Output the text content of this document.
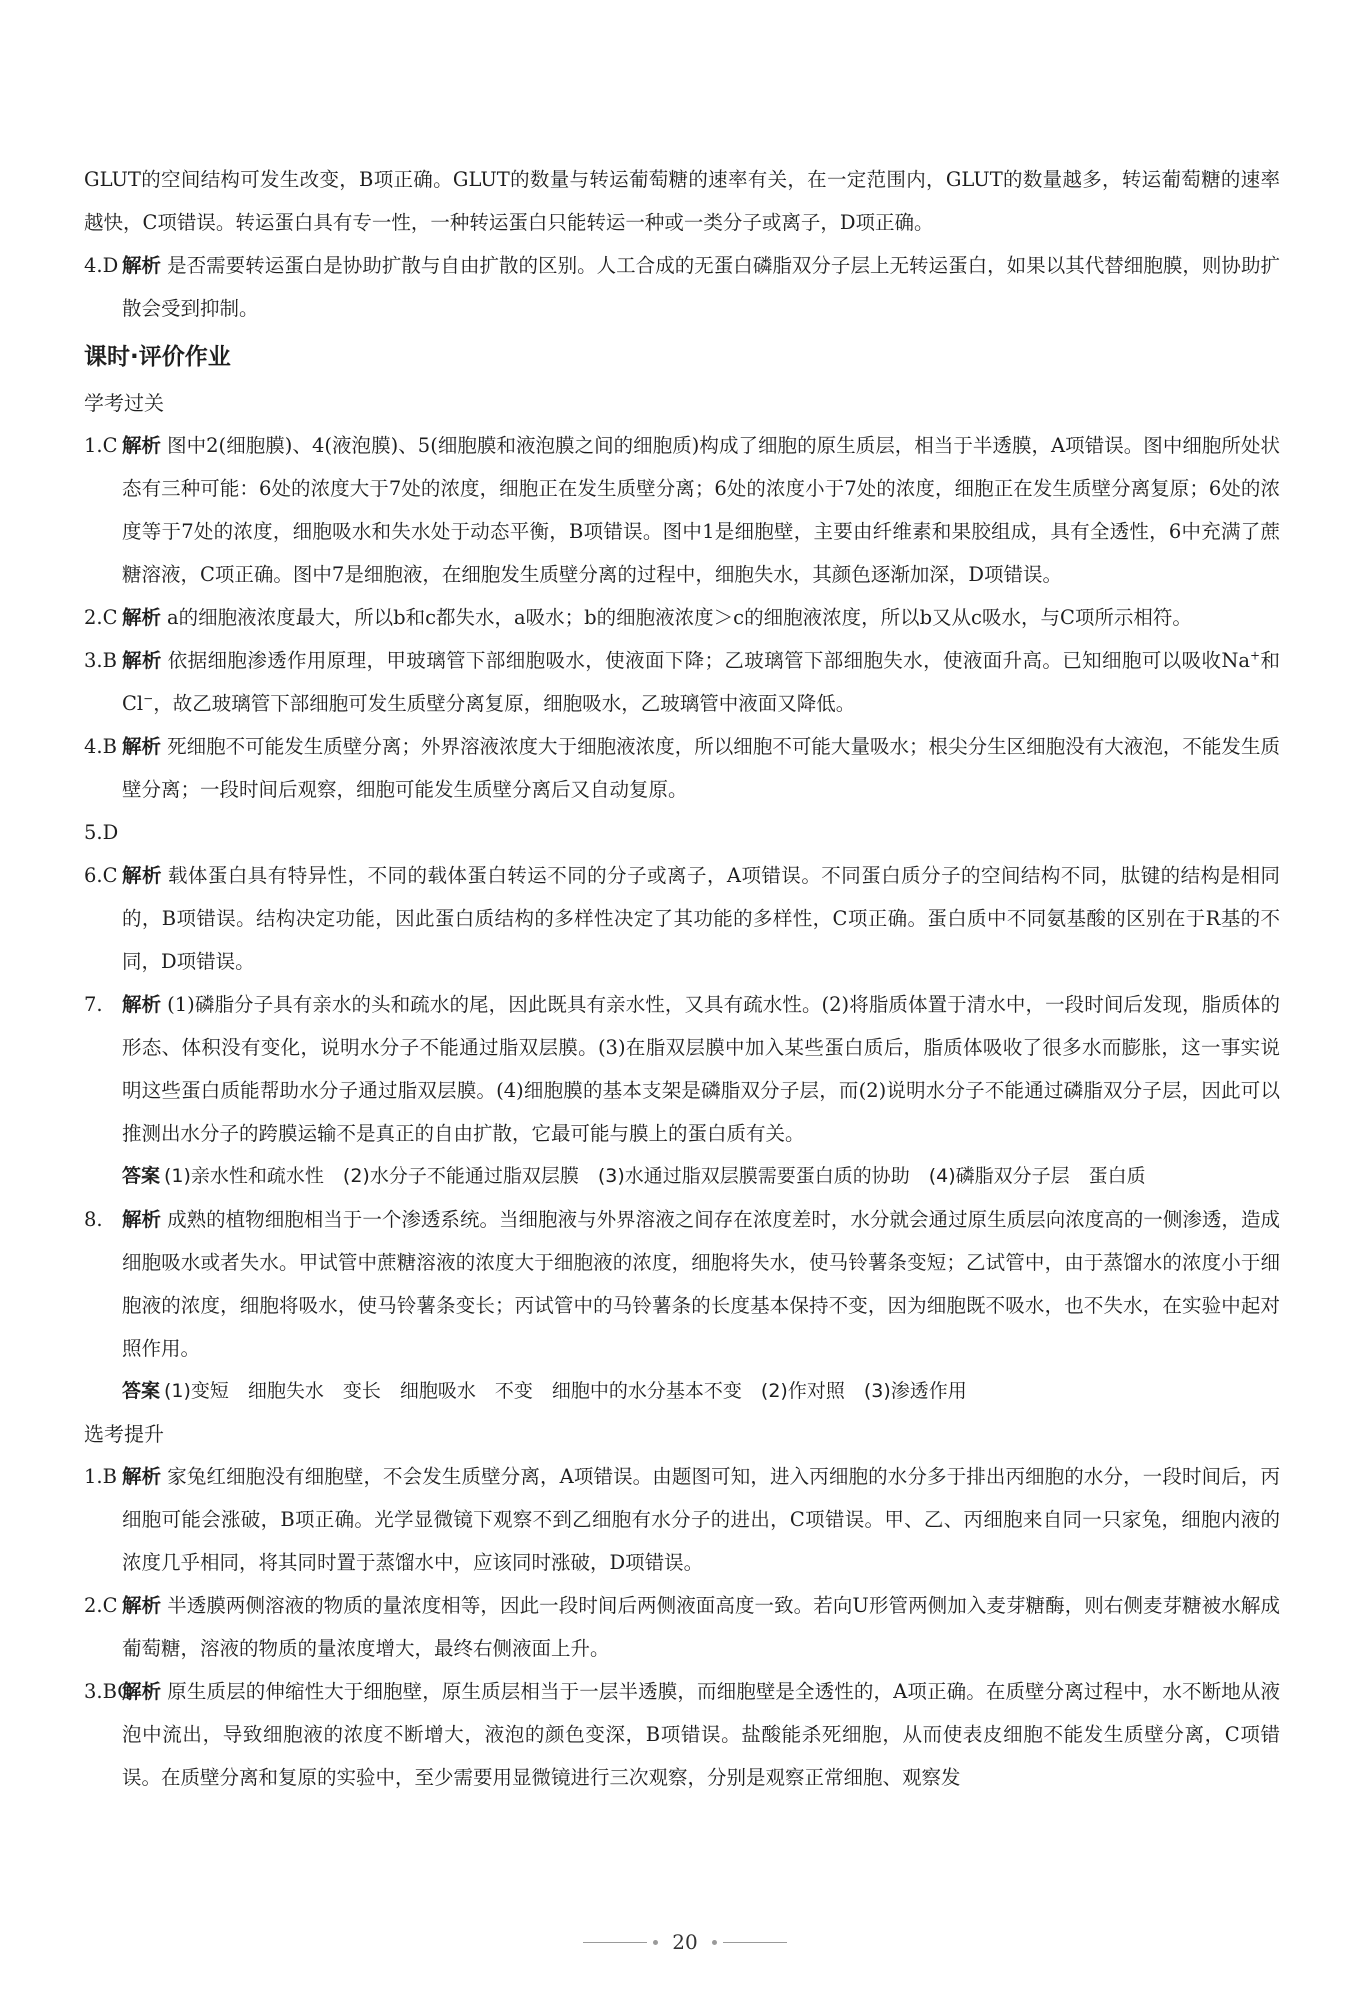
GLUT的空间结构可发生改变，B项正确。GLUT的数量与转运葡萄糖的速率有关，在一定范围内，GLUT的数量越多，转运葡萄糖的速率越快，C项错误。转运蛋白具有专一性，一种转运蛋白只能转运一种或一类分子或离子，D项正确。

4.D 解析 是否需要转运蛋白是协助扩散与自由扩散的区别。人工合成的无蛋白磷脂双分子层上无转运蛋白，如果以其代替细胞膜，则协助扩散会受到抑制。

课时·评价作业

学考过关

1.C 解析 图中2(细胞膜)、4(液泡膜)、5(细胞膜和液泡膜之间的细胞质)构成了细胞的原生质层，相当于半透膜，A项错误。图中细胞所处状态有三种可能：6处的浓度大于7处的浓度，细胞正在发生质壁分离；6处的浓度小于7处的浓度，细胞正在发生质壁分离复原；6处的浓度等于7处的浓度，细胞吸水和失水处于动态平衡，B项错误。图中1是细胞壁，主要由纤维素和果胶组成，具有全透性，6中充满了蔗糖溶液，C项正确。图中7是细胞液，在细胞发生质壁分离的过程中，细胞失水，其颜色逐渐加深，D项错误。

2.C 解析 a的细胞液浓度最大，所以b和c都失水，a吸水；b的细胞液浓度＞c的细胞液浓度，所以b又从c吸水，与C项所示相符。

3.B 解析 依据细胞渗透作用原理，甲玻璃管下部细胞吸水，使液面下降；乙玻璃管下部细胞失水，使液面升高。已知细胞可以吸收Na+和Cl−，故乙玻璃管下部细胞可发生质壁分离复原，细胞吸水，乙玻璃管中液面又降低。

4.B 解析 死细胞不可能发生质壁分离；外界溶液浓度大于细胞液浓度，所以细胞不可能大量吸水；根尖分生区细胞没有大液泡，不能发生质壁分离；一段时间后观察，细胞可能发生质壁分离后又自动复原。

5.D

6.C 解析 载体蛋白具有特异性，不同的载体蛋白转运不同的分子或离子，A项错误。不同蛋白质分子的空间结构不同，肽键的结构是相同的，B项错误。结构决定功能，因此蛋白质结构的多样性决定了其功能的多样性，C项正确。蛋白质中不同氨基酸的区别在于R基的不同，D项错误。

7. 解析 (1)磷脂分子具有亲水的头和疏水的尾，因此既具有亲水性，又具有疏水性。(2)将脂质体置于清水中，一段时间后发现，脂质体的形态、体积没有变化，说明水分子不能通过脂双层膜。(3)在脂双层膜中加入某些蛋白质后，脂质体吸收了很多水而膨胀，这一事实说明这些蛋白质能帮助水分子通过脂双层膜。(4)细胞膜的基本支架是磷脂双分子层，而(2)说明水分子不能通过磷脂双分子层，因此可以推测出水分子的跨膜运输不是真正的自由扩散，它最可能与膜上的蛋白质有关。

答案 (1)亲水性和疏水性　(2)水分子不能通过脂双层膜　(3)水通过脂双层膜需要蛋白质的协助　(4)磷脂双分子层　蛋白质

8. 解析 成熟的植物细胞相当于一个渗透系统。当细胞液与外界溶液之间存在浓度差时，水分就会通过原生质层向浓度高的一侧渗透，造成细胞吸水或者失水。甲试管中蔗糖溶液的浓度大于细胞液的浓度，细胞将失水，使马铃薯条变短；乙试管中，由于蒸馏水的浓度小于细胞液的浓度，细胞将吸水，使马铃薯条变长；丙试管中的马铃薯条的长度基本保持不变，因为细胞既不吸水，也不失水，在实验中起对照作用。

答案 (1)变短　细胞失水　变长　细胞吸水　不变　细胞中的水分基本不变　(2)作对照　(3)渗透作用

选考提升

1.B 解析 家兔红细胞没有细胞壁，不会发生质壁分离，A项错误。由题图可知，进入丙细胞的水分多于排出丙细胞的水分，一段时间后，丙细胞可能会涨破，B项正确。光学显微镜下观察不到乙细胞有水分子的进出，C项错误。甲、乙、丙细胞来自同一只家兔，细胞内液的浓度几乎相同，将其同时置于蒸馏水中，应该同时涨破，D项错误。

2.C 解析 半透膜两侧溶液的物质的量浓度相等，因此一段时间后两侧液面高度一致。若向U形管两侧加入麦芽糖酶，则右侧麦芽糖被水解成葡萄糖，溶液的物质的量浓度增大，最终右侧液面上升。

3.BC
解析 原生质层的伸缩性大于细胞壁，原生质层相当于一层半透膜，而细胞壁是全透性的，A项正确。在质壁分离过程中，水不断地从液泡中流出，导致细胞液的浓度不断增大，液泡的颜色变深，B项错误。盐酸能杀死细胞，从而使表皮细胞不能发生质壁分离，C项错误。在质壁分离和复原的实验中，至少需要用显微镜进行三次观察，分别是观察正常细胞、观察发

20
